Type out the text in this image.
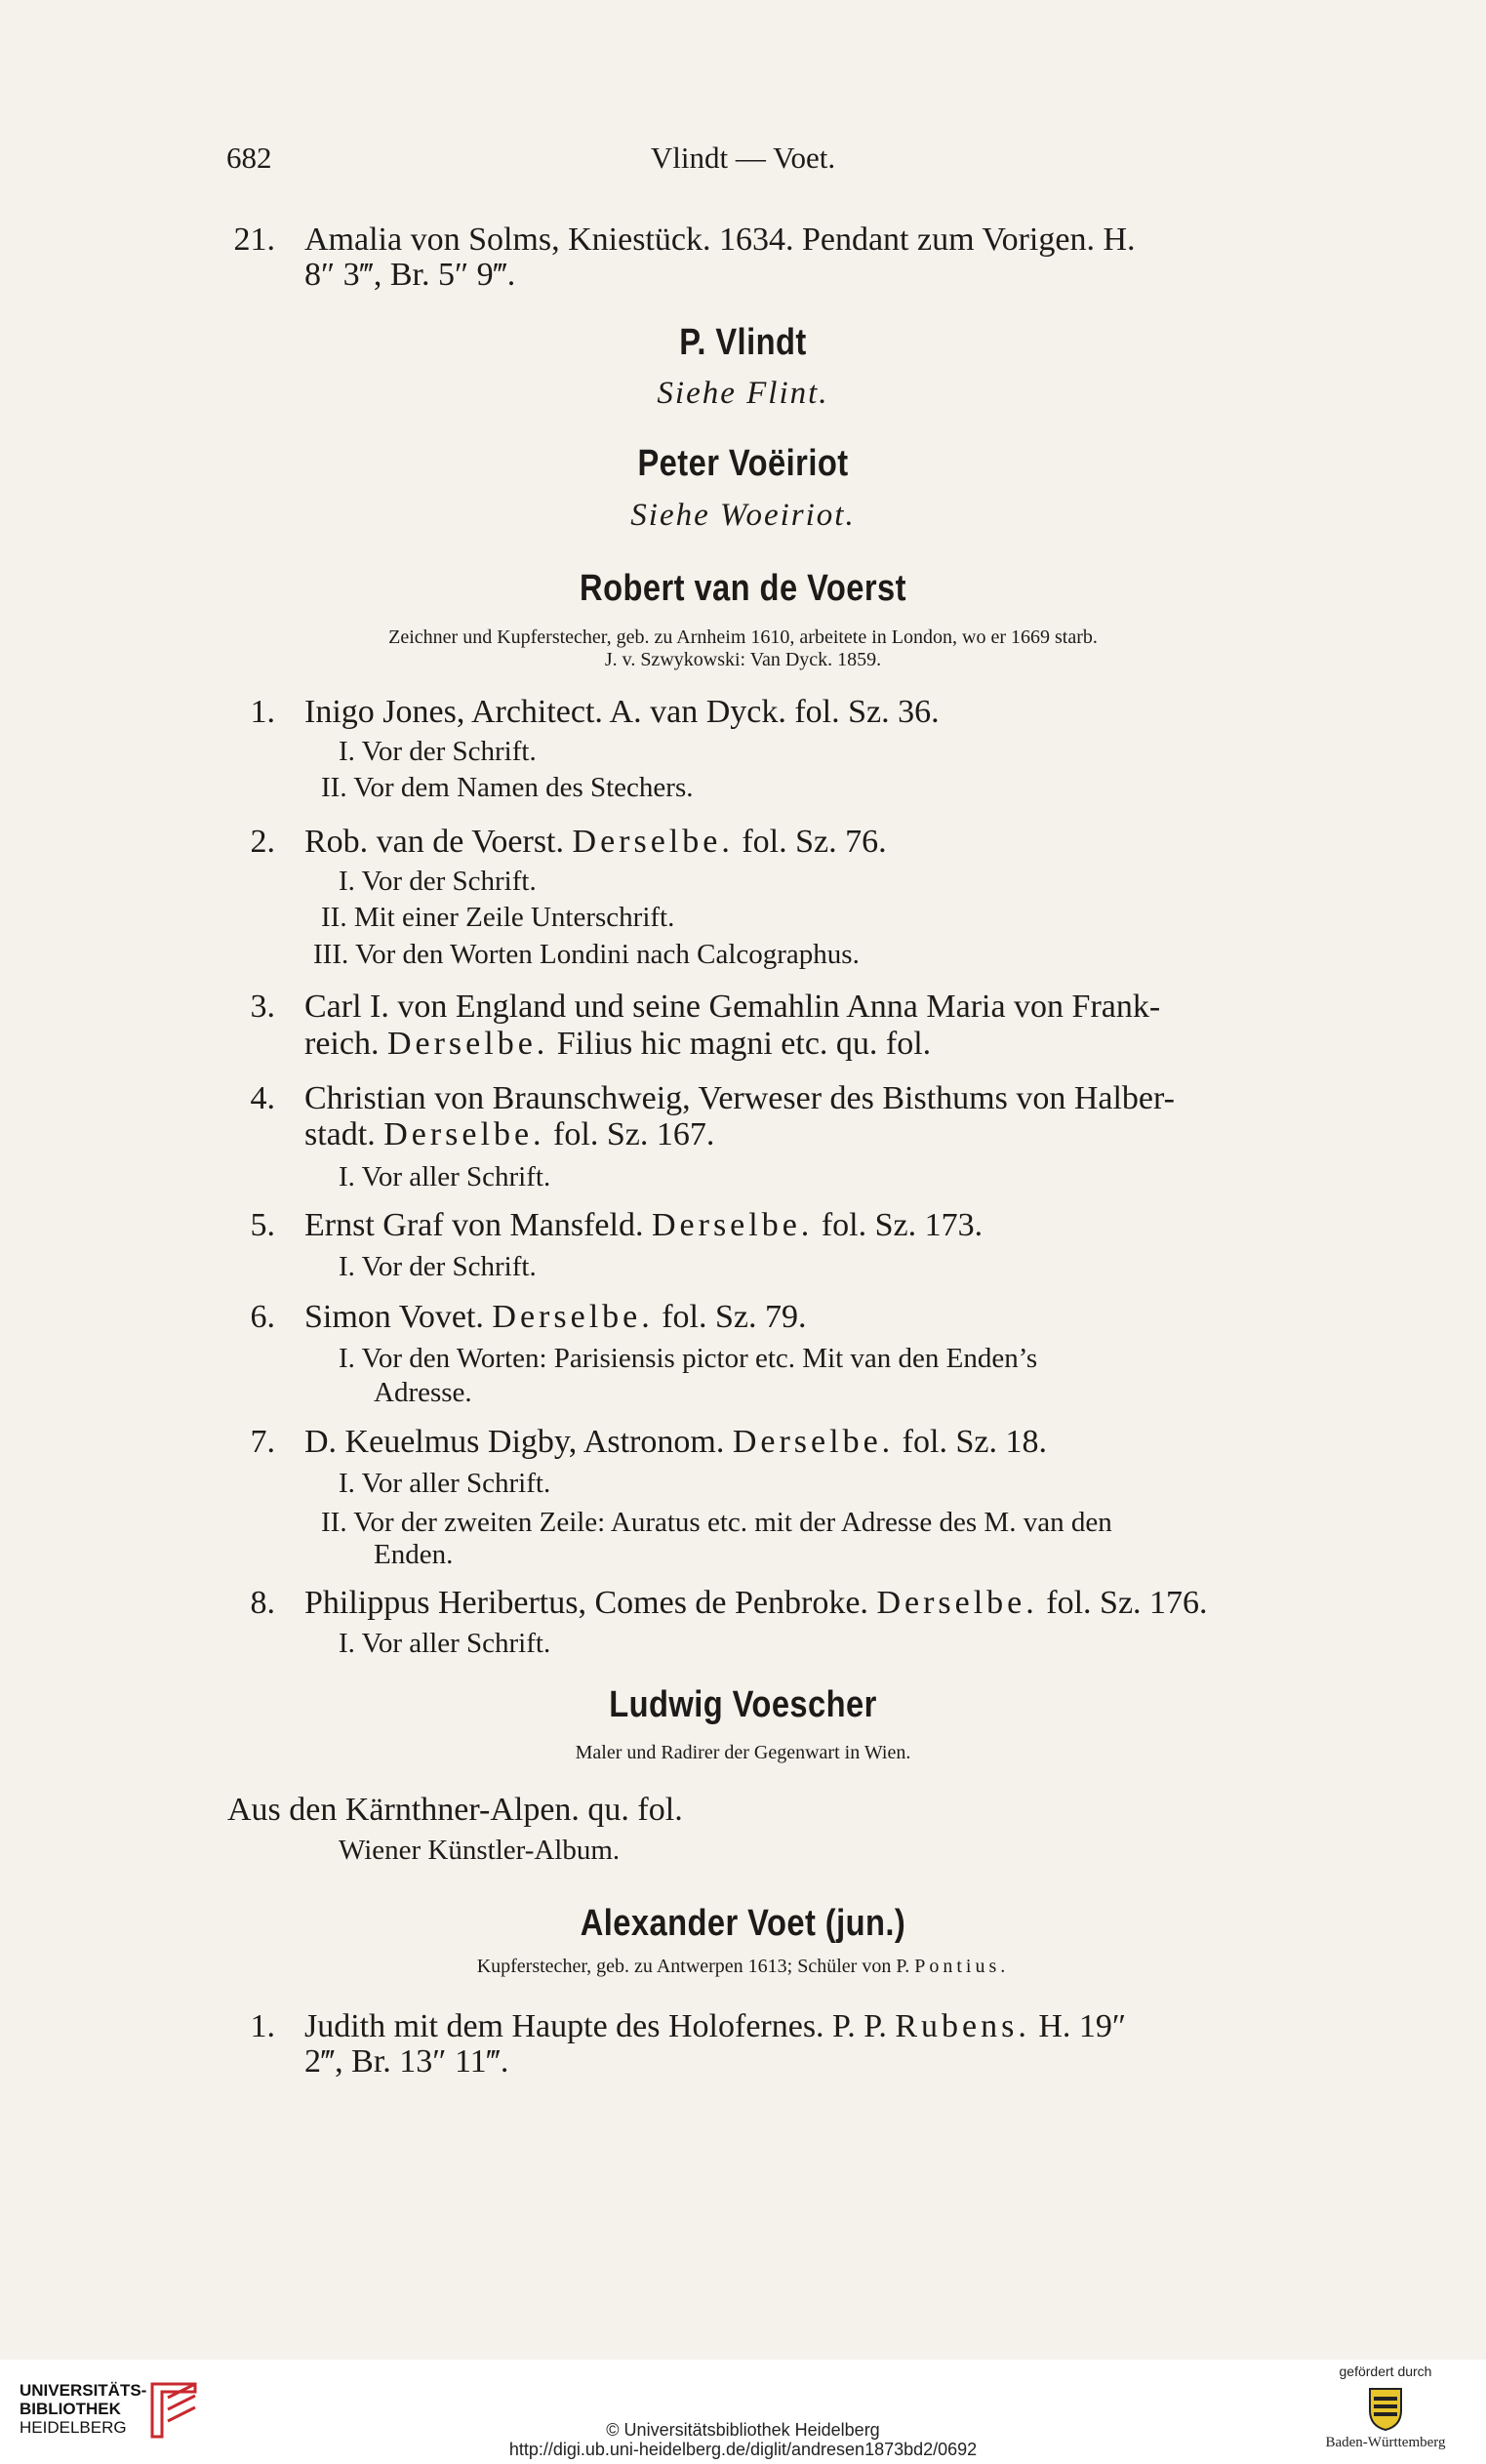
682	Vlindt — Voet.
21. Amalia von Solms, Kniestück. 1634. Pendant zum Vorigen. H.
8″ 3‴, Br. 5″ 9‴.
P. Vlindt
Siehe Flint.
Peter Voëiriot
Siehe Woeiriot.
Robert van de Voerst
Zeichner und Kupferstecher, geb. zu Arnheim 1610, arbeitete in London, wo er 1669 starb.
J. v. Szwykowski: Van Dyck. 1859.
1. Inigo Jones, Architect. A. van Dyck. fol. Sz. 36.
I. Vor der Schrift.
II. Vor dem Namen des Stechers.
2. Rob. van de Voerst. Derselbe. fol. Sz. 76.
I. Vor der Schrift.
II. Mit einer Zeile Unterschrift.
III. Vor den Worten Londini nach Calcographus.
3. Carl I. von England und seine Gemahlin Anna Maria von Frank-
reich. Derselbe. Filius hic magni etc. qu. fol.
4. Christian von Braunschweig, Verweser des Bisthums von Halber-
stadt. Derselbe. fol. Sz. 167.
I. Vor aller Schrift.
5. Ernst Graf von Mansfeld. Derselbe. fol. Sz. 173.
I. Vor der Schrift.
6. Simon Vovet. Derselbe. fol. Sz. 79.
I. Vor den Worten: Parisiensis pictor etc. Mit van den Enden’s
Adresse.
7. D. Keuelmus Digby, Astronom. Derselbe. fol. Sz. 18.
I. Vor aller Schrift.
II. Vor der zweiten Zeile: Auratus etc. mit der Adresse des M. van den
Enden.
8. Philippus Heribertus, Comes de Penbroke. Derselbe. fol. Sz. 176.
I. Vor aller Schrift.
Ludwig Voescher
Maler und Radirer der Gegenwart in Wien.
Aus den Kärnthner-Alpen. qu. fol.
Wiener Künstler-Album.
Alexander Voet (jun.)
Kupferstecher, geb. zu Antwerpen 1613; Schüler von P. Pontius.
1. Judith mit dem Haupte des Holofernes. P. P. Rubens. H. 19″
2‴, Br. 13″ 11‴.
UNIVERSITÄTS-
BIBLIOTHEK
HEIDELBERG	© Universitätsbibliothek Heidelberg
http://digi.ub.uni-heidelberg.de/diglit/andresen1873bd2/0692
gefördert durch
Baden-Württemberg
